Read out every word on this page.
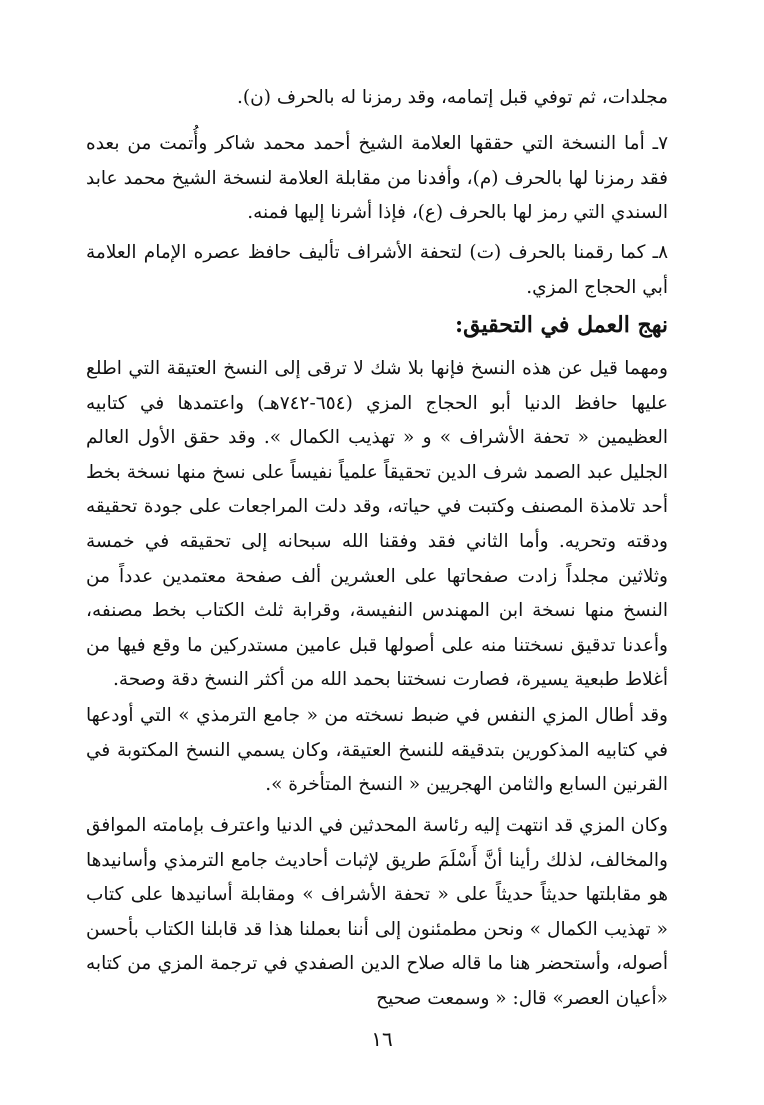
مجلدات، ثم توفي قبل إتمامه، وقد رمزنا له بالحرف (ن).

٧ـ أما النسخة التي حققها العلامة الشيخ أحمد محمد شاكر وأُتمت من بعده فقد رمزنا لها بالحرف (م)، وأفدنا من مقابلة العلامة لنسخة الشيخ محمد عابد السندي التي رمز لها بالحرف (ع)، فإذا أشرنا إليها فمنه.

٨ـ كما رقمنا بالحرف (ت) لتحفة الأشراف تأليف حافظ عصره الإمام العلامة أبي الحجاج المزي.

نهج العمل في التحقيق:

ومهما قيل عن هذه النسخ فإنها بلا شك لا ترقى إلى النسخ العتيقة التي اطلع عليها حافظ الدنيا أبو الحجاج المزي (٦٥٤-٧٤٢هـ) واعتمدها في كتابيه العظيمين « تحفة الأشراف » و « تهذيب الكمال ». وقد حقق الأول العالم الجليل عبد الصمد شرف الدين تحقيقاً علمياً نفيساً على نسخ منها نسخة بخط أحد تلامذة المصنف وكتبت في حياته، وقد دلت المراجعات على جودة تحقيقه ودقته وتحريه. وأما الثاني فقد وفقنا الله سبحانه إلى تحقيقه في خمسة وثلاثين مجلداً زادت صفحاتها على العشرين ألف صفحة معتمدين عدداً من النسخ منها نسخة ابن المهندس النفيسة، وقرابة ثلث الكتاب بخط مصنفه، وأعدنا تدقيق نسختنا منه على أصولها قبل عامين مستدركين ما وقع فيها من أغلاط طبعية يسيرة، فصارت نسختنا بحمد الله من أكثر النسخ دقة وصحة.

وقد أطال المزي النفس في ضبط نسخته من « جامع الترمذي » التي أودعها في كتابيه المذكورين بتدقيقه للنسخ العتيقة، وكان يسمي النسخ المكتوبة في القرنين السابع والثامن الهجريين « النسخ المتأخرة ».

وكان المزي قد انتهت إليه رئاسة المحدثين في الدنيا واعترف بإمامته الموافق والمخالف، لذلك رأينا أنَّ أَسْلَمَ طريق لإثبات أحاديث جامع الترمذي وأسانيدها هو مقابلتها حديثاً حديثاً على « تحفة الأشراف » ومقابلة أسانيدها على كتاب « تهذيب الكمال » ونحن مطمئنون إلى أننا بعملنا هذا قد قابلنا الكتاب بأحسن أصوله، وأستحضر هنا ما قاله صلاح الدين الصفدي في ترجمة المزي من كتابه «أعيان العصر» قال: « وسمعت صحيح

١٦
